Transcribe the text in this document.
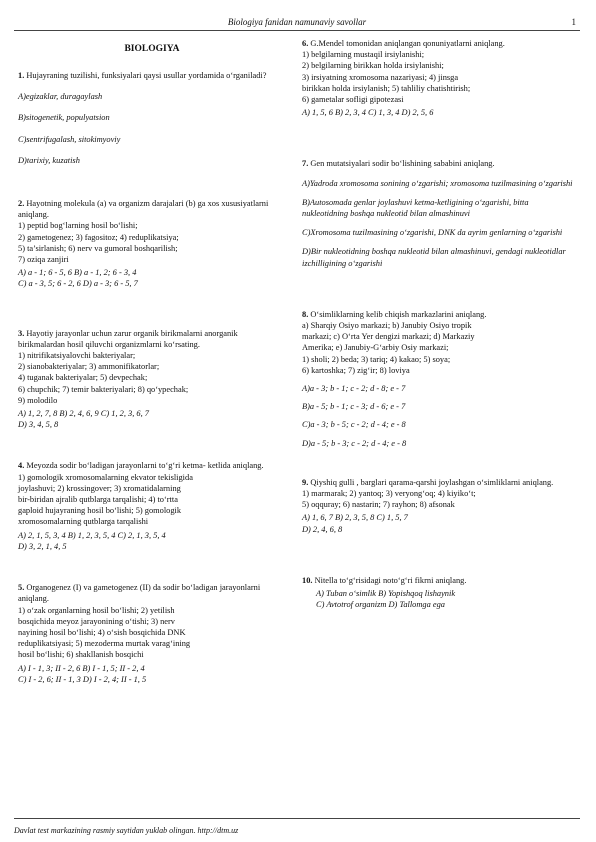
Biologiya fanidan namunaviy savollar	1
BIOLOGIYA

1. Hujayraning tuzilishi, funksiyalari qaysi usullar yordamida o‘rganiladi?

A)egizaklar, duragaylash
B)sitogenetik, populyatsion
C)sentrifugalash, sitokimyoviy
D)tarixiy, kuzatish

2. Hayotning molekula (a) va organizm darajalari (b) ga xos xususiyatlarni aniqlang.

1) peptid bog‘larning hosil bo‘lishi;
2) gametogenez; 3) fagositoz; 4) reduplikatsiya;
5) ta’sirlanish; 6) nerv va gumoral boshqarilish;
7) oziqa zanjiri
A) a - 1; 6 - 5, 6 B) a - 1, 2; 6 - 3, 4
C) a - 3, 5; 6 - 2, 6 D) a - 3; 6 - 5, 7

3. Hayotiy jarayonlar uchun zarur organik birikmalarni anorganik birikmalardan hosil qiluvchi organizmlarni ko‘rsating.

1) nitrifikatsiyalovchi bakteriyalar;
2) sianobakteriyalar; 3) ammonifikatorlar;
4) tuganak bakteriyalar; 5) devpechak;
6) chupchik; 7) temir bakteriyalari; 8) qo‘ypechak;
9) molodilo
A) 1, 2, 7, 8 B) 2, 4, 6, 9 C) 1, 2, 3, 6, 7
D) 3, 4, 5, 8

4. Meyozda sodir bo‘ladigan jarayonlarni to‘g‘ri ketma- ketlida aniqlang.

1) gomologik xromosomalarning ekvator tekisligida
joylashuvi; 2) krossingover; 3) xromatidalarning
bir-biridan ajralib qutblarga tarqalishi; 4) to‘rtta
gaploid hujayraning hosil bo‘lishi; 5) gomologik
xromosomalarning qutblarga tarqalishi
A) 2, 1, 5, 3, 4 B) 1, 2, 3, 5, 4 C) 2, 1, 3, 5, 4
D) 3, 2, 1, 4, 5

5. Organogenez (I) va gametogenez (II) da sodir bo‘ladigan jarayonlarni aniqlang.

1) o‘zak organlarning hosil bo‘lishi; 2) yetilish
bosqichida meyoz jarayonining o‘tishi; 3) nerv
nayining hosil bo‘lishi; 4) o‘sish bosqichida DNK
reduplikatsiyasi; 5) mezoderma murtak varag‘ining
hosil bo‘lishi; 6) shakllanish bosqichi
A) I - 1, 3; II - 2, 6 B) I - 1, 5; II - 2, 4
C) I - 2, 6; II - 1, 3 D) I - 2, 4; II - 1, 5

6. G.Mendel tomonidan aniqlangan qonuniyatlarni aniqlang.

1) belgilarning mustaqil irsiylanishi;
2) belgilarning birikkan holda irsiylanishi;
3) irsiyatning xromosoma nazariyasi; 4) jinsga
birikkan holda irsiylanish; 5) tahliliy chatishtirish;
6) gametalar sofligi gipotezasi
A) 1, 5, 6 B) 2, 3, 4 C) 1, 3, 4 D) 2, 5, 6

7. Gen mutatsiyalari sodir bo‘lishining sababini aniqlang.

A)Yadroda xromosoma sonining o‘zgarishi; xromosoma tuzilmasining o‘zgarishi
B)Autosomada genlar joylashuvi ketma-ketligining o‘zgarishi, bitta nukleotidning boshqa nukleotid bilan almashinuvi
C)Xromosoma tuzilmasining o‘zgarishi, DNK da ayrim genlarning o‘zgarishi
D)Bir nukleotidning boshqa nukleotid bilan almashinuvi, gendagi nukleotidlar izchilligining o‘zgarishi

8. O‘simliklarning kelib chiqish markazlarini aniqlang.

a) Sharqiy Osiyo markazi; b) Janubiy Osiyo tropik
markazi; c) O‘rta Yer dengizi markazi; d) Markaziy
Amerika; e) Janubiy-G‘arbiy Osiy markazi;
1) sholi; 2) beda; 3) tariq; 4) kakao; 5) soya;
6) kartoshka; 7) zig‘ir; 8) loviya
A)a - 3; b - 1; c - 2; d - 8; e - 7
B)a - 5; b - 1; c - 3; d - 6; e - 7
C)a - 3; b - 5; c - 2; d - 4; e - 8
D)a - 5; b - 3; c - 2; d - 4; e - 8

9. Qiyshiq gulli , barglari qarama-qarshi joylashgan o‘simliklarni aniqlang.

1) marmarak; 2) yantoq; 3) veryong‘oq; 4) kiyiko‘t;
5) oqquray; 6) nastarin; 7) rayhon; 8) afsonak
A) 1, 6, 7 B) 2, 3, 5, 8 C) 1, 5, 7
D) 2, 4, 6, 8

10. Nitella to‘g‘risidagi noto‘g‘ri fikrni aniqlang.

A) Tuban o‘simlik B) Yopishqoq lishaynik
C) Avtotrof organizm D) Tallomga ega
Davlat test markazining rasmiy saytidan yuklab olingan. http://dtm.uz
